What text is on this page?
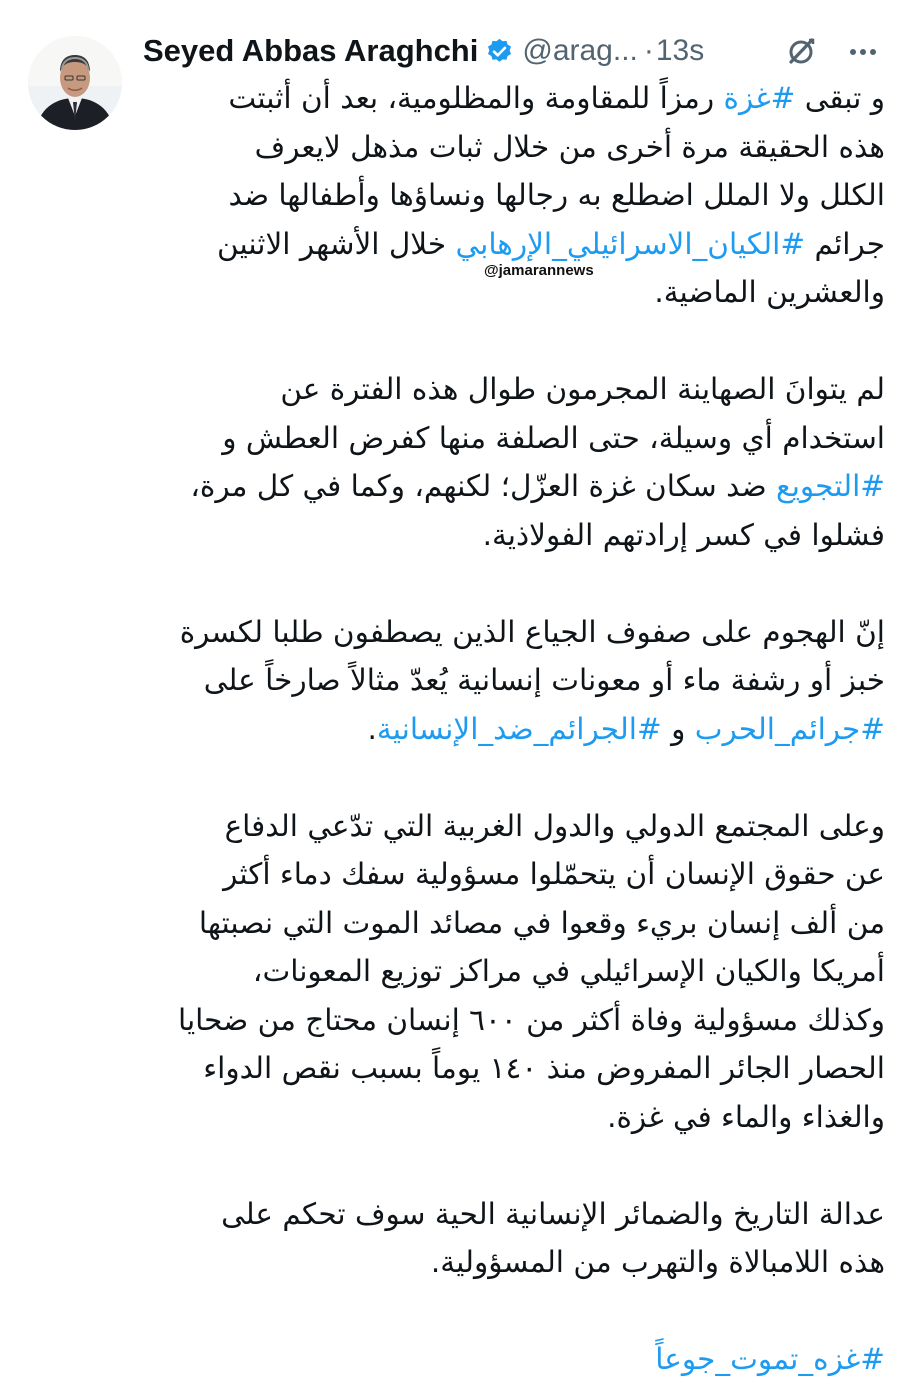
Seyed Abbas Araghchi @arag... · 13s
@jamarannews
و تبقى #غزة رمزاً للمقاومة والمظلومية، بعد أن أثبتت
هذه الحقيقة مرة أخرى من خلال ثبات مذهل لايعرف
الكلل ولا الملل اضطلع به رجالها ونساؤها وأطفالها ضد
جرائم #الكيان_الاسرائيلي_الإرهابي خلال الأشهر الاثنين
والعشرين الماضية.
لم يتوانَ الصهاينة المجرمون طوال هذه الفترة عن
استخدام أي وسيلة، حتى الصلفة منها كفرض العطش و
#التجويع ضد سكان غزة العزّل؛ لكنهم، وكما في كل مرة،
فشلوا في كسر إرادتهم الفولاذية.
إنّ الهجوم على صفوف الجياع الذين يصطفون طلبا لكسرة
خبز أو رشفة ماء أو معونات إنسانية يُعدّ مثالاً صارخاً على
#جرائم_الحرب و #الجرائم_ضد_الإنسانية.
وعلى المجتمع الدولي والدول الغربية التي تدّعي الدفاع
عن حقوق الإنسان أن يتحمّلوا مسؤولية سفك دماء أكثر
من ألف إنسان بريء وقعوا في مصائد الموت التي نصبتها
أمريكا والكيان الإسرائيلي في مراكز توزيع المعونات،
وكذلك مسؤولية وفاة أكثر من ٦٠٠ إنسان محتاج من ضحايا
الحصار الجائر المفروض منذ ١٤٠ يوماً بسبب نقص الدواء
والغذاء والماء في غزة.
عدالة التاريخ والضمائر الإنسانية الحية سوف تحكم على
هذه اللامبالاة والتهرب من المسؤولية.
#غزه_تموت_جوعاً
